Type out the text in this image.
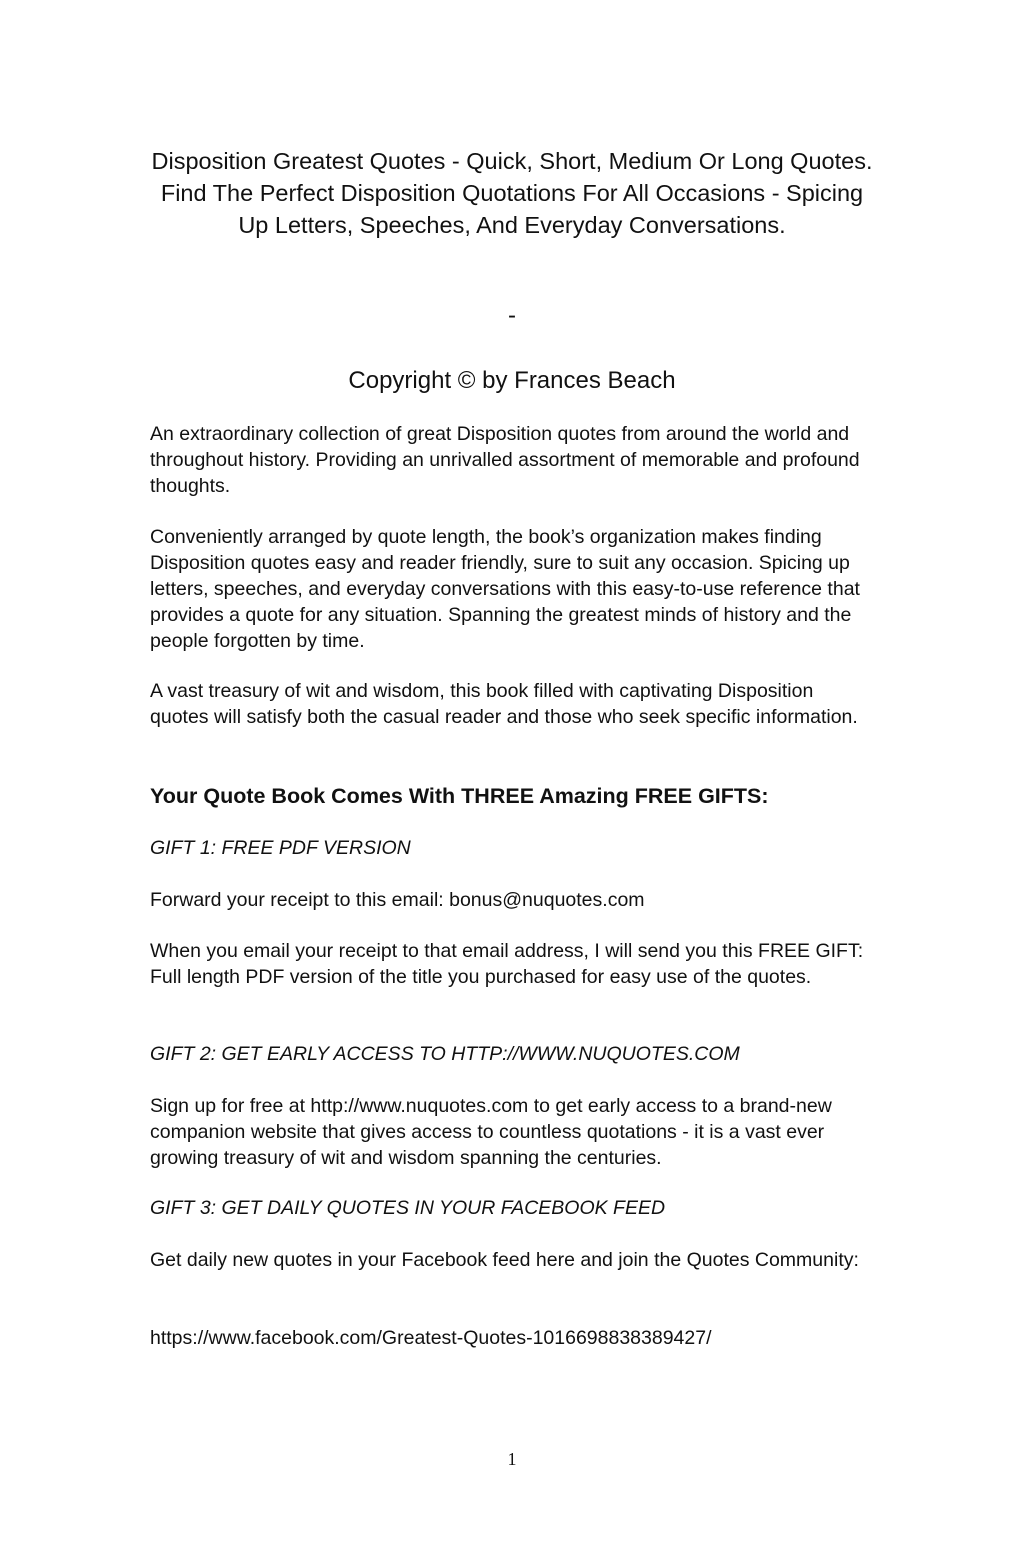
Disposition Greatest Quotes - Quick, Short, Medium Or Long Quotes. Find The Perfect Disposition Quotations For All Occasions - Spicing Up Letters, Speeches, And Everyday Conversations.
-
Copyright © by Frances Beach

An extraordinary collection of great Disposition quotes from around the world and throughout history. Providing an unrivalled assortment of memorable and profound thoughts.

Conveniently arranged by quote length, the book’s organization makes finding Disposition quotes easy and reader friendly, sure to suit any occasion. Spicing up letters, speeches, and everyday conversations with this easy-to-use reference that provides a quote for any situation. Spanning the greatest minds of history and the people forgotten by time.

A vast treasury of wit and wisdom, this book filled with captivating Disposition quotes will satisfy both the casual reader and those who seek specific information.

Your Quote Book Comes With THREE Amazing FREE GIFTS:

GIFT 1: FREE PDF VERSION

Forward your receipt to this email: bonus@nuquotes.com

When you email your receipt to that email address, I will send you this FREE GIFT: Full length PDF version of the title you purchased for easy use of the quotes.

GIFT 2: GET EARLY ACCESS TO HTTP://WWW.NUQUOTES.COM

Sign up for free at http://www.nuquotes.com to get early access to a brand-new companion website that gives access to countless quotations - it is a vast ever growing treasury of wit and wisdom spanning the centuries.

GIFT 3: GET DAILY QUOTES IN YOUR FACEBOOK FEED

Get daily new quotes in your Facebook feed here and join the Quotes Community:

https://www.facebook.com/Greatest-Quotes-1016698838389427/

1
